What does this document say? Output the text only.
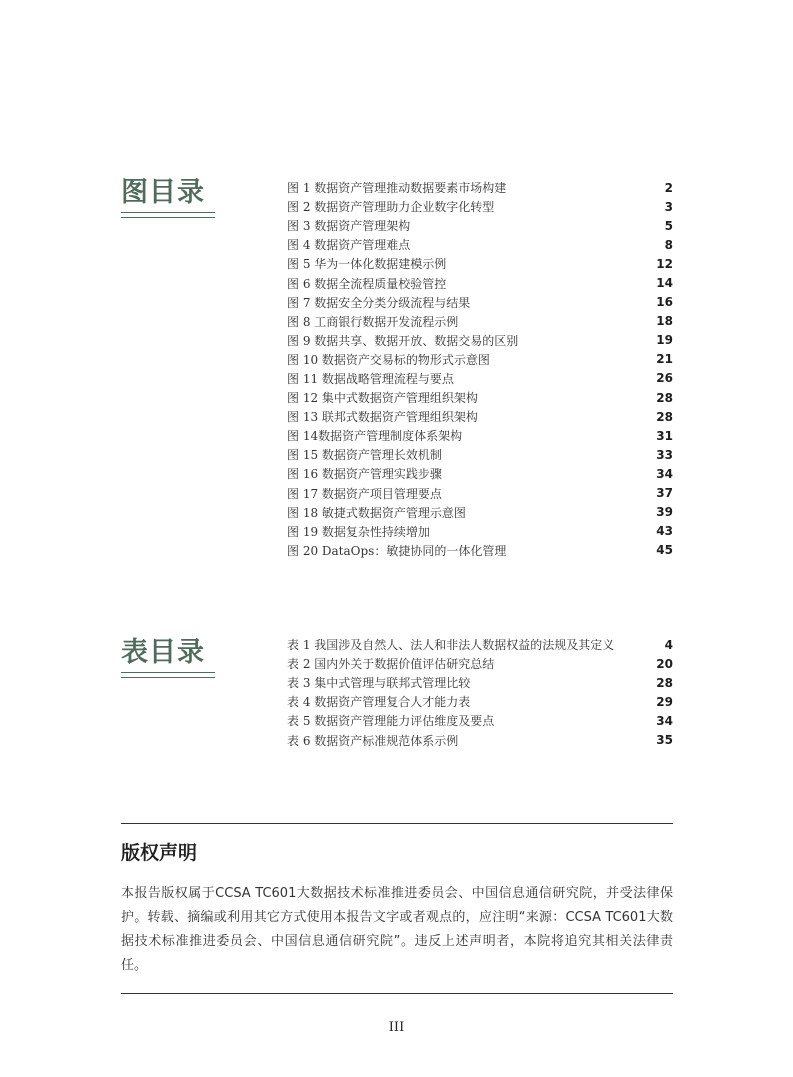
图目录	图 1 数据资产管理推动数据要素市场构建	2
图 2 数据资产管理助力企业数字化转型	3
图 3 数据资产管理架构	5
图 4 数据资产管理难点	8
图 5 华为一体化数据建模示例	12
图 6 数据全流程质量校验管控	14
图 7 数据安全分类分级流程与结果	16
图 8 工商银行数据开发流程示例	18
图 9 数据共享、数据开放、数据交易的区别	19
图 10 数据资产交易标的物形式示意图	21
图 11 数据战略管理流程与要点	26
图 12 集中式数据资产管理组织架构	28
图 13 联邦式数据资产管理组织架构	28
图 14数据资产管理制度体系架构	31
图 15 数据资产管理长效机制	33
图 16 数据资产管理实践步骤	34
图 17 数据资产项目管理要点	37
图 18 敏捷式数据资产管理示意图	39
图 19 数据复杂性持续增加	43
图 20 DataOps：敏捷协同的一体化管理	45
表目录	表 1 我国涉及自然人、法人和非法人数据权益的法规及其定义	4
表 2 国内外关于数据价值评估研究总结	20
表 3 集中式管理与联邦式管理比较	28
表 4 数据资产管理复合人才能力表	29
表 5 数据资产管理能力评估维度及要点	34
表 6 数据资产标准规范体系示例	35
版权声明
本报告版权属于CCSA TC601大数据技术标准推进委员会、中国信息通信研究院，并受法律保护。转载、摘编或利用其它方式使用本报告文字或者观点的，应注明“来源：CCSA TC601大数据技术标准推进委员会、中国信息通信研究院”。违反上述声明者，本院将追究其相关法律责任。
III
